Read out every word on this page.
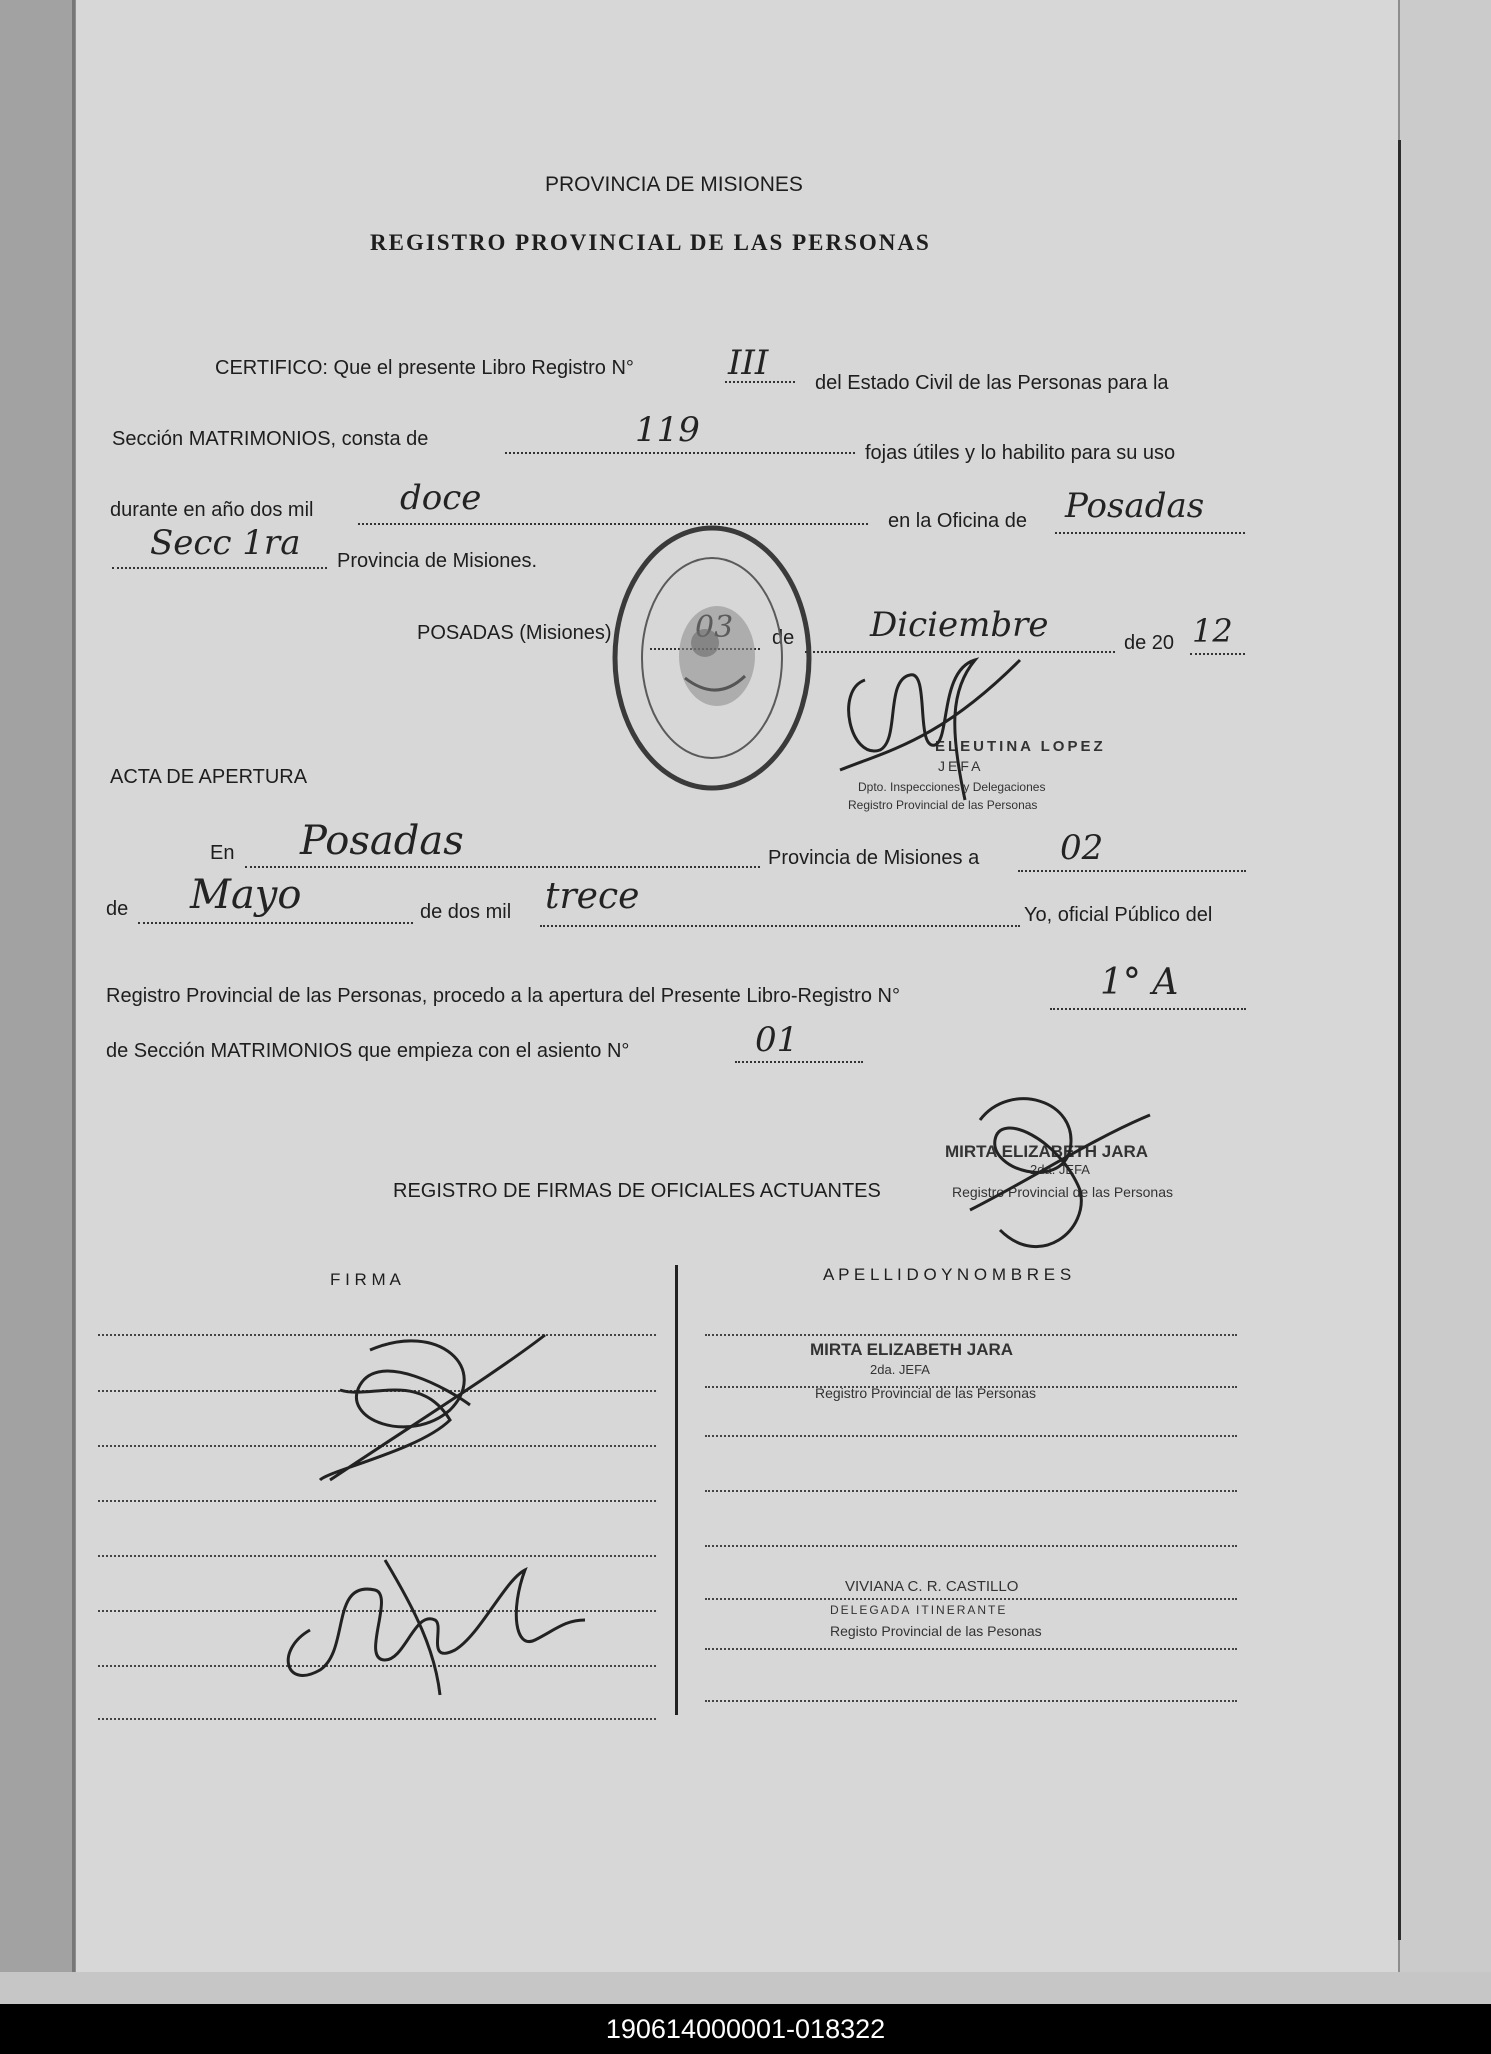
PROVINCIA DE MISIONES
REGISTRO PROVINCIAL DE LAS PERSONAS
CERTIFICO: Que el presente Libro Registro N°	III del Estado Civil de las Personas para la
Sección MATRIMONIOS, consta de	119
fojas útiles y lo habilito para su uso
durante en año dos mil	doce
en la Oficina de Posadas
Secc 1ra Provincia de Misiones.
POSADAS (Misiones)	de Diciembre	de 20 12
ELEUTINA LOPEZ
JEFA
Dpto. Inspecciones y Delegaciones
Registro Provincial de las Personas
ACTA DE APERTURA
En Posadas	Provincia de Misiones a 02
de Mayo	de dos mil trece	Yo, oficial Público del
Registro Provincial de las Personas, procedo a la apertura del Presente Libro-Registro N°	1° A
de Sección MATRIMONIOS que empieza con el asiento N°	01
MIRTA ELIZABETH JARA
2da. JEFA
Registro Provincial de las Personas
REGISTRO DE FIRMAS DE OFICIALES ACTUANTES
F I R M A	A P E L L I D O Y N O M B R E S
MIRTA ELIZABETH JARA
2da. JEFA
Registro Provincial de las Personas
VIVIANA C. R. CASTILLO
DELEGADA ITINERANTE
Registo Provincial de las Pesonas
190614000001-018322
